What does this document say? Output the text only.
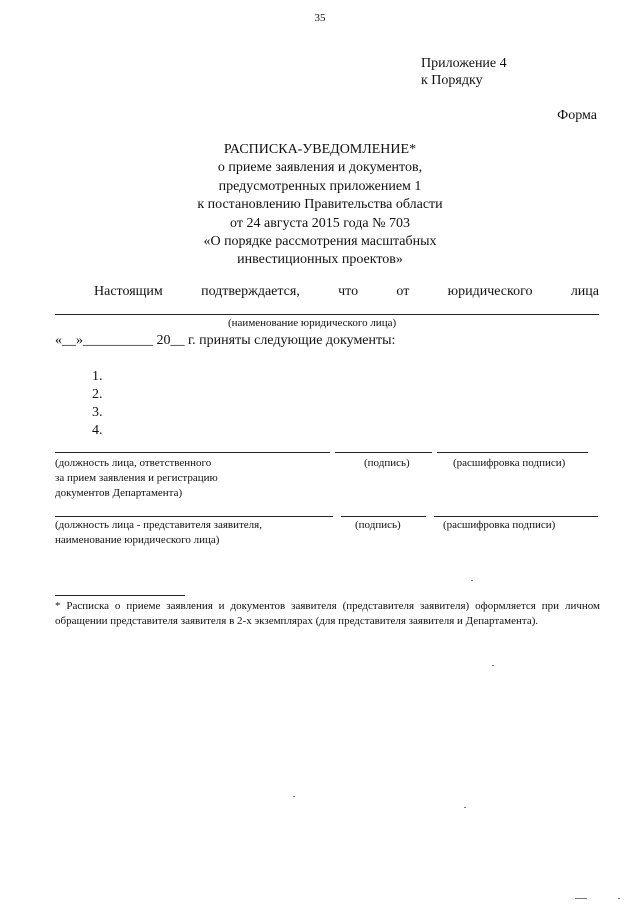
35
Приложение 4
к Порядку
Форма
РАСПИСКА-УВЕДОМЛЕНИЕ*
о приеме заявления и документов,
предусмотренных приложением 1
к постановлению Правительства области
от 24 августа 2015 года № 703
«О порядке рассмотрения масштабных
инвестиционных проектов»
Настоящим	подтверждается,	что	от	юридического	лица
(наименование юридического лица)
«__»__________ 20__ г. приняты следующие документы:
1.
2.
3.
4.
(должность лица, ответственного
за прием заявления и регистрацию
документов Департамента)
(подпись)	(расшифровка подписи)
(должность лица - представителя заявителя,
наименование юридического лица)
(подпись)	(расшифровка подписи)
* Расписка о приеме заявления и документов заявителя (представителя заявителя) оформляется при личном обращении представителя заявителя в 2-х экземплярах (для представителя заявителя и Департамента).
